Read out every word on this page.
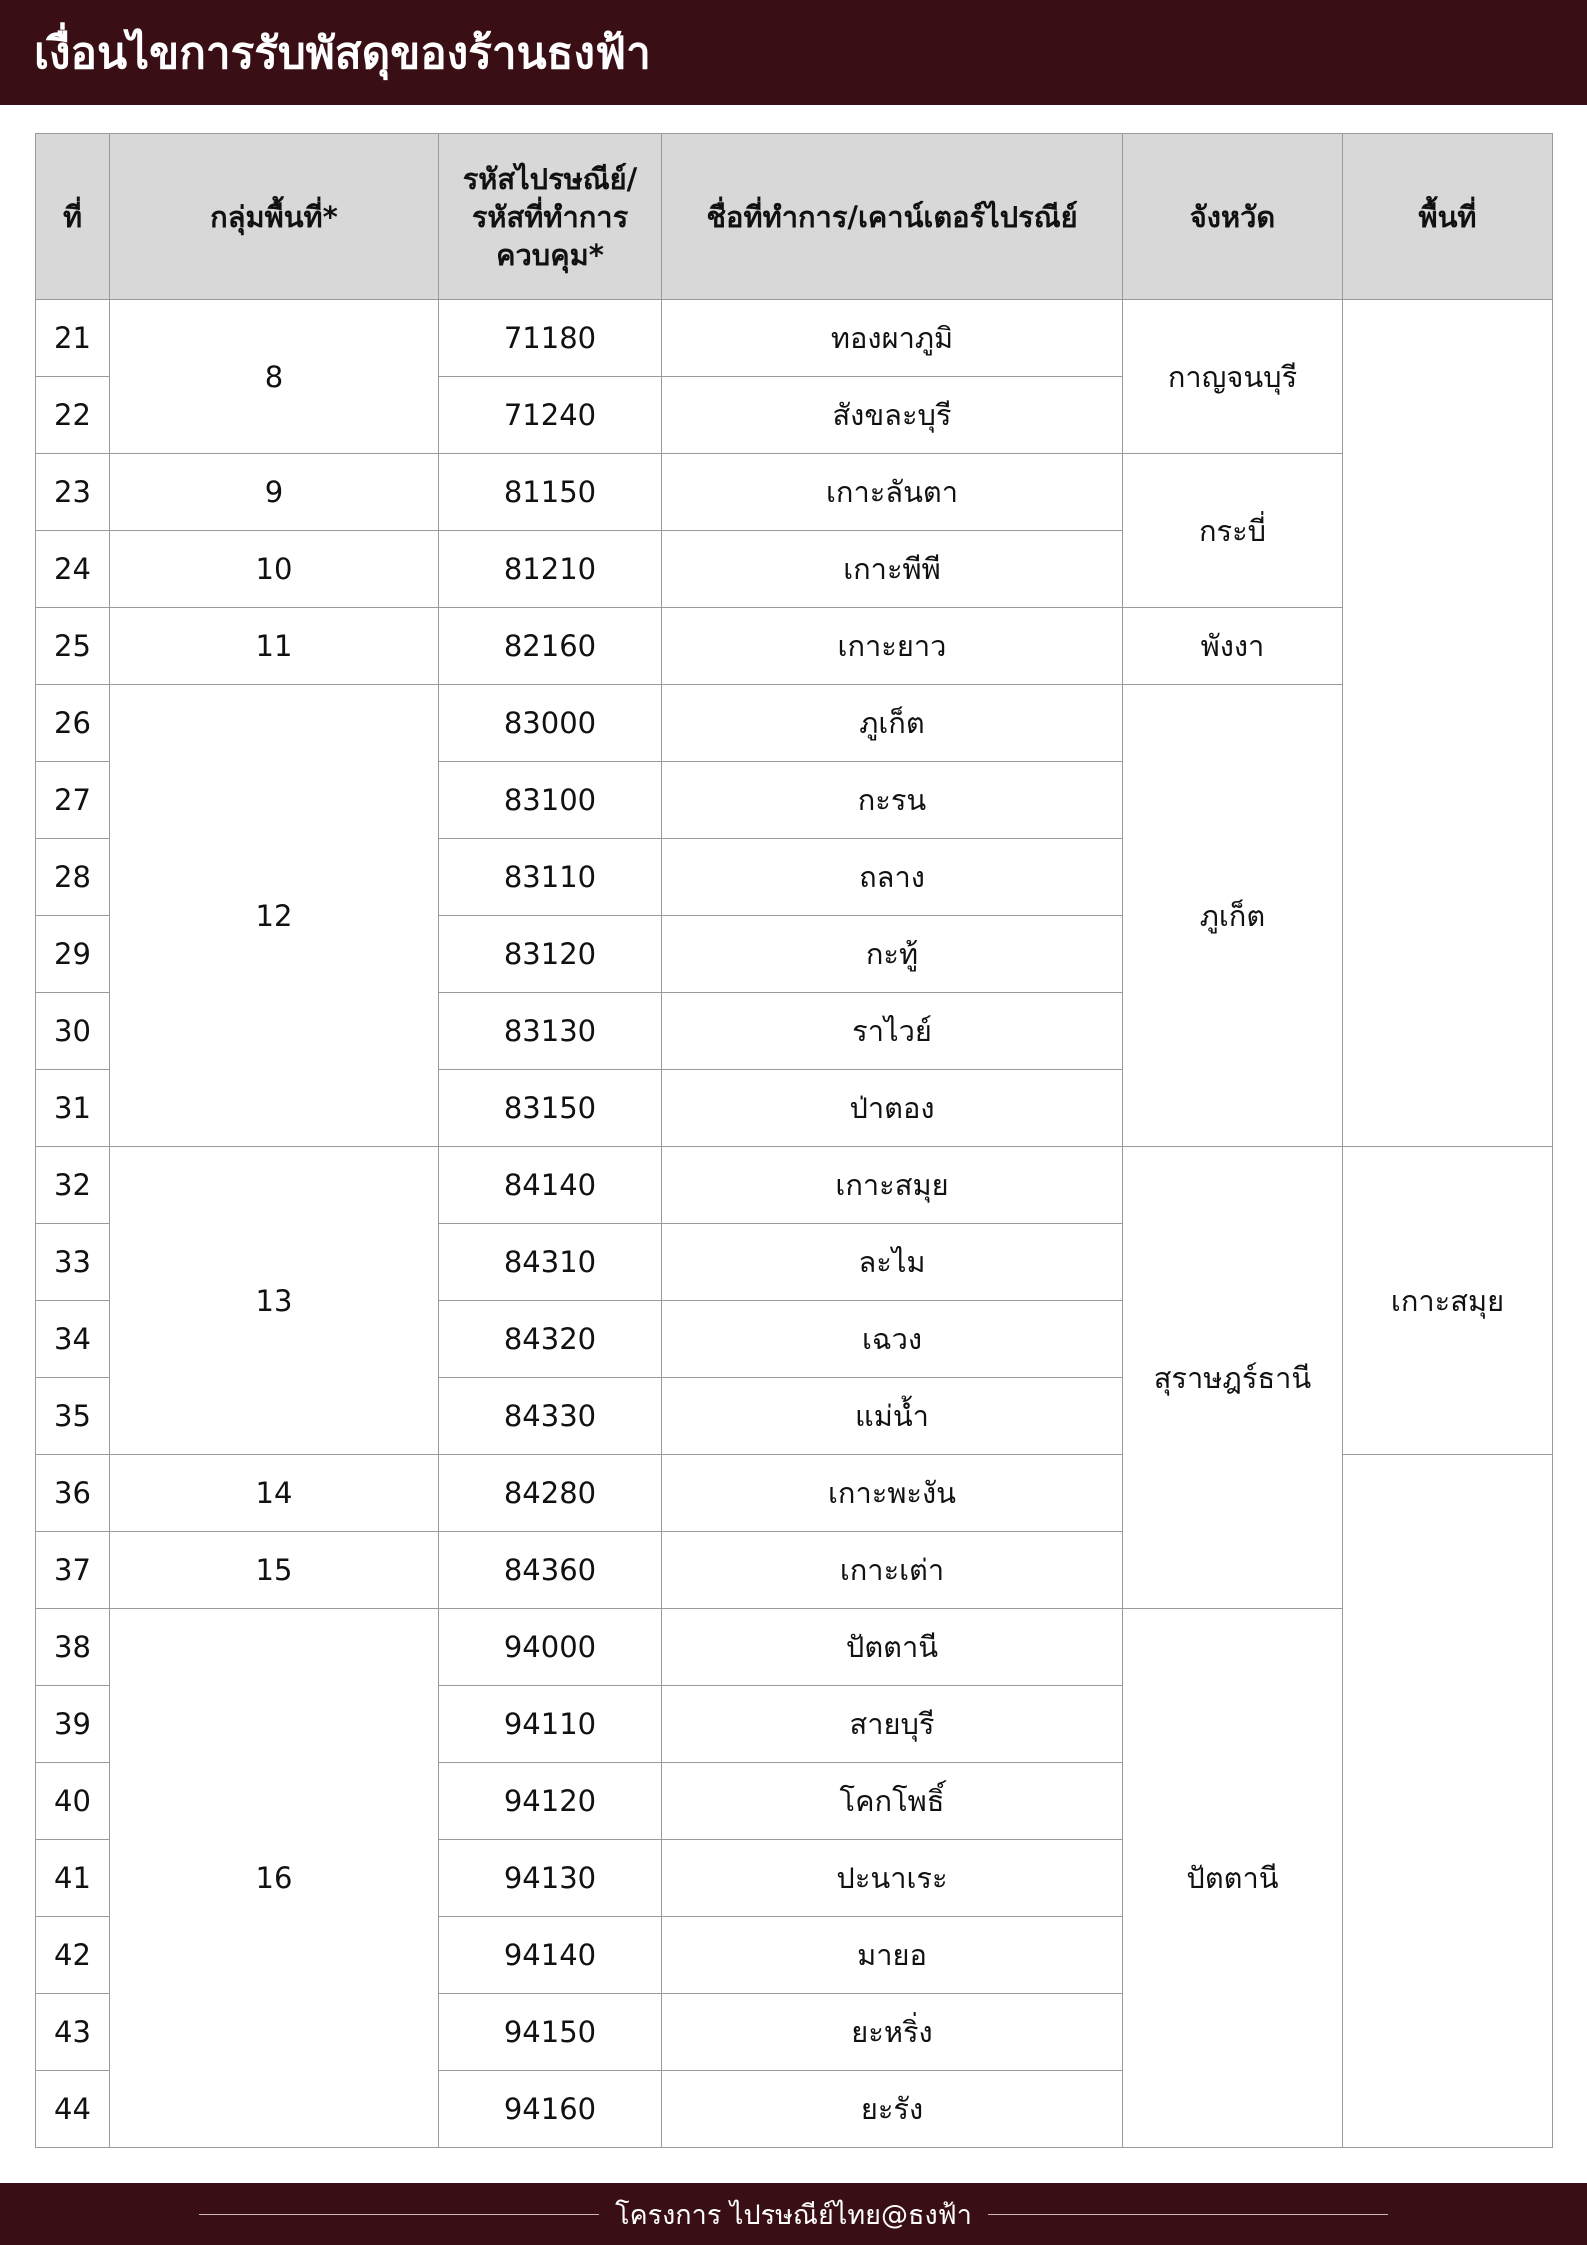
เงื่อนไขการรับพัสดุของร้านธงฟ้า
ที่	กลุ่มพื้นที่*	รหัสไปรษณีย์/
รหัสที่ทำการ
ควบคุม*	ชื่อที่ทำการ/เคาน์เตอร์ไปรณีย์	จังหวัด	พื้นที่
21	8	71180	ทองผาภูมิ	กาญจนบุรี	
22		71240	สังขละบุรี		
23	9	81150	เกาะลันตา	กระบี่	
24	10	81210	เกาะพีพี		
25	11	82160	เกาะยาว	พังงา	
26	12	83000	ภูเก็ต	ภูเก็ต	
27		83100	กะรน		
28		83110	ถลาง		
29		83120	กะทู้		
30		83130	ราไวย์		
31		83150	ป่าตอง		
32	13	84140	เกาะสมุย	สุราษฎร์ธานี	เกาะสมุย
33		84310	ละไม		
34		84320	เฉวง		
35		84330	แม่น้ำ		
36	14	84280	เกาะพะงัน		
37	15	84360	เกาะเต่า		
38	16	94000	ปัตตานี	ปัตตานี	
39		94110	สายบุรี		
40		94120	โคกโพธิ์		
41		94130	ปะนาเระ		
42		94140	มายอ		
43		94150	ยะหริ่ง		
44		94160	ยะรัง		
โครงการ ไปรษณีย์ไทย@ธงฟ้า
